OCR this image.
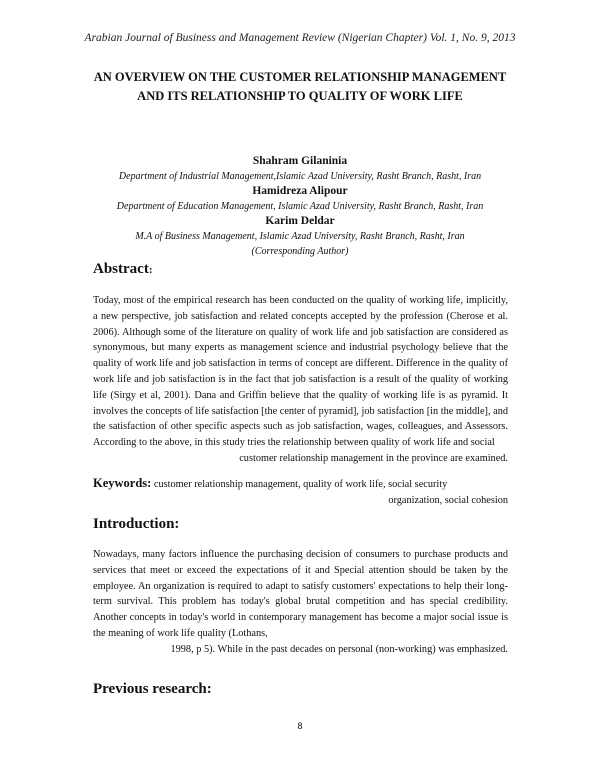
Arabian Journal of Business and Management Review (Nigerian Chapter) Vol. 1, No. 9, 2013
AN OVERVIEW ON THE CUSTOMER RELATIONSHIP MANAGEMENT AND ITS RELATIONSHIP TO QUALITY OF WORK LIFE
Shahram Gilaninia
Department of Industrial Management,Islamic Azad University, Rasht Branch, Rasht, Iran
Hamidreza Alipour
Department of Education Management, Islamic Azad University, Rasht Branch, Rasht, Iran
Karim Deldar
M.A of Business Management, Islamic Azad University, Rasht Branch, Rasht, Iran
(Corresponding Author)
Abstract:
Today, most of the empirical research has been conducted on the quality of working life, implicitly, a new perspective, job satisfaction and related concepts accepted by the profession (Cherose et al. 2006). Although some of the literature on quality of work life and job satisfaction are considered as synonymous, but many experts as management science and industrial psychology believe that the quality of work life and job satisfaction in terms of concept are different. Difference in the quality of work life and job satisfaction is in the fact that job satisfaction is a result of the quality of working life (Sirgy et al, 2001). Dana and Griffin believe that the quality of working life is as pyramid. It involves the concepts of life satisfaction [the center of pyramid], job satisfaction [in the middle], and the satisfaction of other specific aspects such as job satisfaction, wages, colleagues, and Assessors. According to the above, in this study tries the relationship between quality of work life and social
customer relationship management in the province are examined.
Keywords: customer relationship management, quality of work life, social security
organization, social cohesion
Introduction:
Nowadays, many factors influence the purchasing decision of consumers to purchase products and services that meet or exceed the expectations of it and Special attention should be taken by the employee. An organization is required to adapt to satisfy customers' expectations to help their long-term survival. This problem has today's global brutal competition and has special credibility. Another concepts in today's world in contemporary management has become a major social issue is the meaning of work life quality (Lothans,
1998, p 5). While in the past decades on personal (non-working) was emphasized.
Previous research:
8
